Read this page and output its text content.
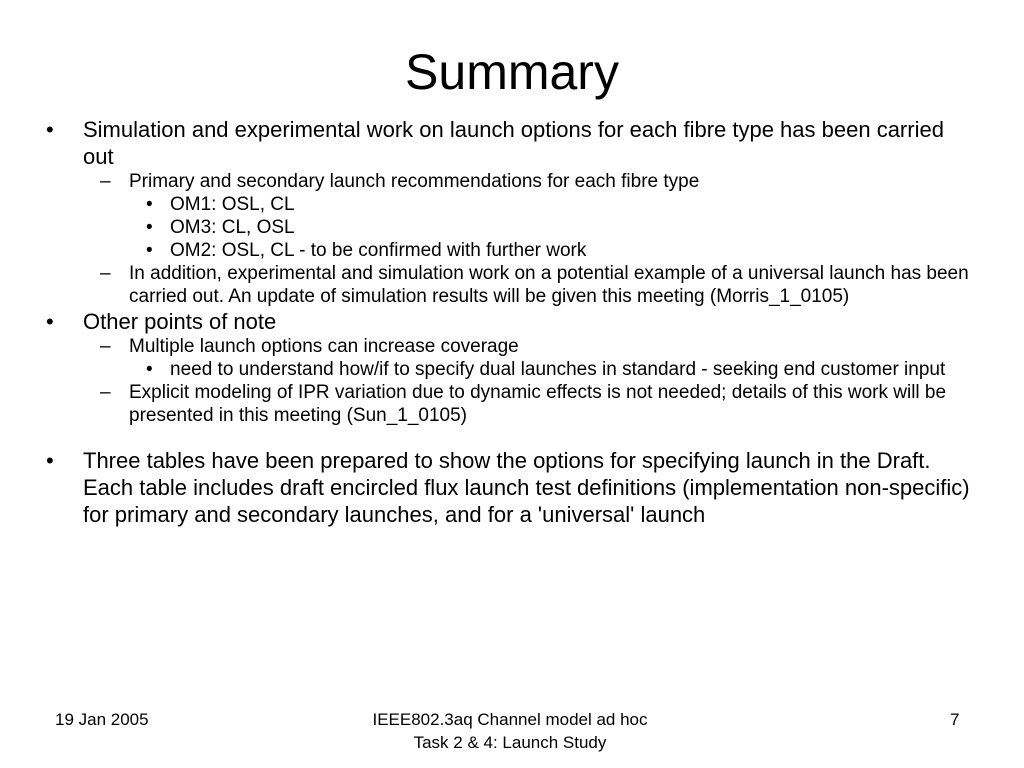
Summary
• Simulation and experimental work on launch options for each fibre type has been carried out
– Primary and secondary launch recommendations for each fibre type
• OM1: OSL, CL
• OM3: CL, OSL
• OM2: OSL, CL - to be confirmed with further work
– In addition, experimental and simulation work on a potential example of a universal launch has been carried out. An update of simulation results will be given this meeting (Morris_1_0105)
• Other points of note
– Multiple launch options can increase coverage
• need to understand how/if to specify dual launches in standard - seeking end customer input
– Explicit modeling of IPR variation due to dynamic effects is not needed; details of this work will be presented in this meeting (Sun_1_0105)
• Three tables have been prepared to show the options for specifying launch in the Draft. Each table includes draft encircled flux launch test definitions (implementation non-specific) for primary and secondary launches, and for a 'universal' launch
19 Jan 2005	IEEE802.3aq Channel model ad hoc
Task 2 & 4: Launch Study
7
